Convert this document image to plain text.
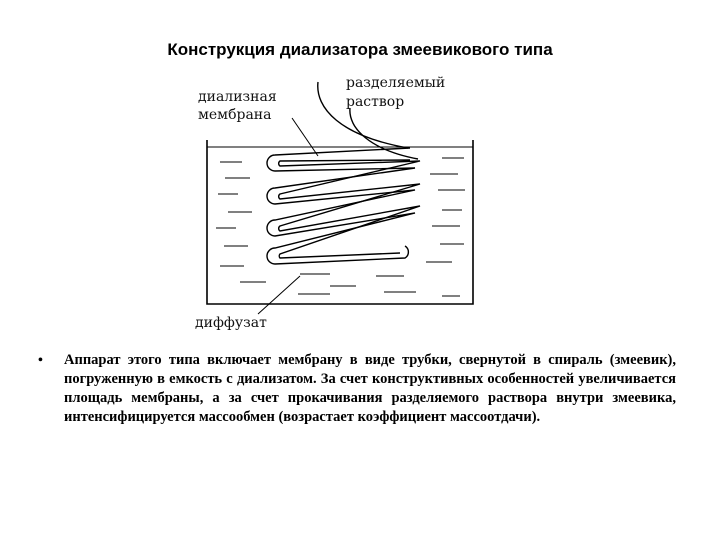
Конструкция диализатора змеевикового типа
диализная
мембрана
разделяемый
раствор
диффузат
• Аппарат этого типа включает мембрану в виде трубки, свернутой в спираль (змеевик), погруженную в емкость с диализатом. За счет конструктивных особенностей увеличивается площадь мембраны, а за счет прокачивания разделяемого раствора внутри змеевика, интенсифицируется массообмен (возрастает коэффициент массоотдачи).
